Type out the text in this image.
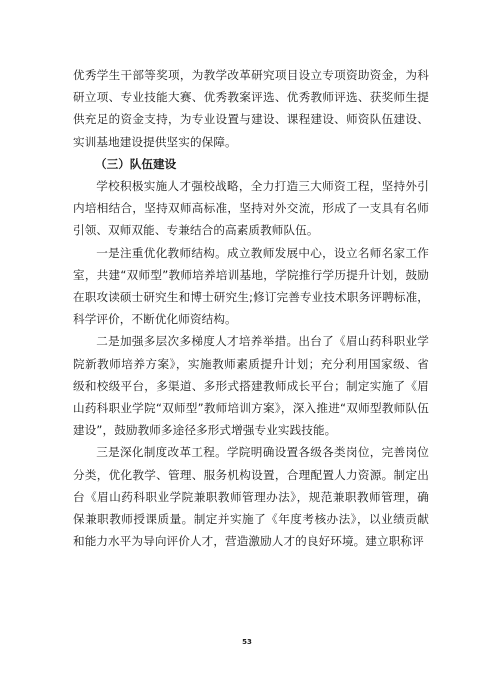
优秀学生干部等奖项，为教学改革研究项目设立专项资助资金，为科研立项、专业技能大赛、优秀教案评选、优秀教师评选、获奖师生提供充足的资金支持，为专业设置与建设、课程建设、师资队伍建设、实训基地建设提供坚实的保障。

（三）队伍建设

学校积极实施人才强校战略，全力打造三大师资工程，坚持外引内培相结合，坚持双师高标准，坚持对外交流，形成了一支具有名师引领、双师双能、专兼结合的高素质教师队伍。

一是注重优化教师结构。成立教师发展中心，设立名师名家工作室，共建“双师型”教师培养培训基地，学院推行学历提升计划，鼓励在职攻读硕士研究生和博士研究生;修订完善专业技术职务评聘标准，科学评价，不断优化师资结构。

二是加强多层次多梯度人才培养举措。出台了《眉山药科职业学院新教师培养方案》，实施教师素质提升计划；充分利用国家级、省级和校级平台，多渠道、多形式搭建教师成长平台；制定实施了《眉山药科职业学院“双师型”教师培训方案》，深入推进“双师型教师队伍建设”，鼓励教师多途径多形式增强专业实践技能。

三是深化制度改革工程。学院明确设置各级各类岗位，完善岗位分类，优化教学、管理、服务机构设置，合理配置人力资源。制定出台《眉山药科职业学院兼职教师管理办法》，规范兼职教师管理，确保兼职教师授课质量。制定并实施了《年度考核办法》，以业绩贡献和能力水平为导向评价人才，营造激励人才的良好环境。建立职称评

53
